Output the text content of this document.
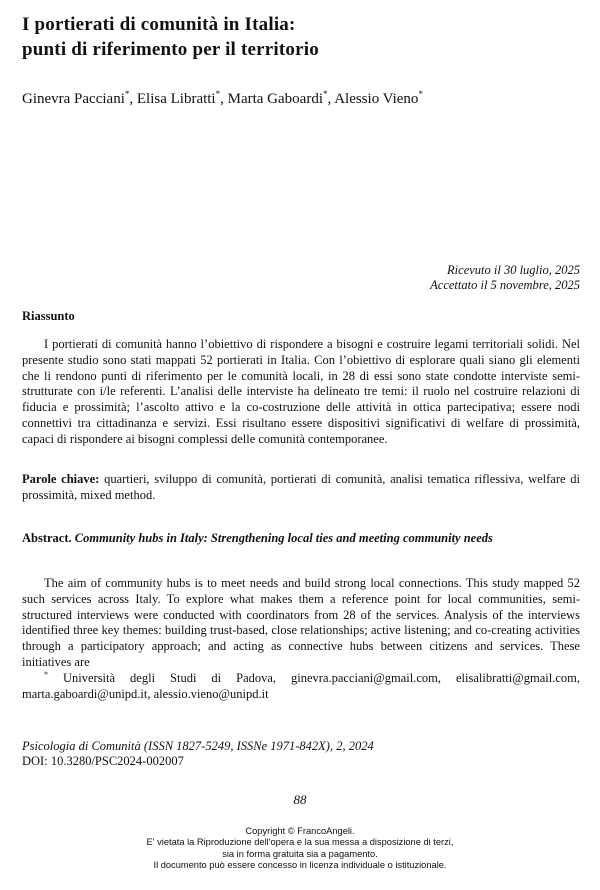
I portierati di comunità in Italia:
punti di riferimento per il territorio
Ginevra Pacciani*, Elisa Libratti*, Marta Gaboardi*, Alessio Vieno*
Ricevuto il 30 luglio, 2025
Accettato il 5 novembre, 2025
Riassunto
I portierati di comunità hanno l’obiettivo di rispondere a bisogni e costruire legami territoriali solidi. Nel presente studio sono stati mappati 52 portierati in Italia. Con l’obiettivo di esplorare quali siano gli elementi che li rendono punti di riferimento per le comunità locali, in 28 di essi sono state condotte interviste semi-strutturate con i/le referenti. L’analisi delle interviste ha delineato tre temi: il ruolo nel costruire relazioni di fiducia e prossimità; l’ascolto attivo e la co-costruzione delle attività in ottica partecipativa; essere nodi connettivi tra cittadinanza e servizi. Essi risultano essere dispositivi significativi di welfare di prossimità, capaci di rispondere ai bisogni complessi delle comunità contemporanee.
Parole chiave: quartieri, sviluppo di comunità, portierati di comunità, analisi tematica riflessiva, welfare di prossimità, mixed method.
Abstract. Community hubs in Italy: Strengthening local ties and meeting community needs
The aim of community hubs is to meet needs and build strong local connections. This study mapped 52 such services across Italy. To explore what makes them a reference point for local communities, semi-structured interviews were conducted with coordinators from 28 of the services. Analysis of the interviews identified three key themes: building trust-based, close relationships; active listening; and co-creating activities through a participatory approach; and acting as connective hubs between citizens and services. These initiatives are
* Università degli Studi di Padova, ginevra.pacciani@gmail.com, elisalibratti@gmail.com, marta.gaboardi@unipd.it, alessio.vieno@unipd.it
Psicologia di Comunità (ISSN 1827-5249, ISSNe 1971-842X), 2, 2024
DOI: 10.3280/PSC2024-002007
88
Copyright © FrancoAngeli.
E' vietata la Riproduzione dell'opera e la sua messa a disposizione di terzi,
sia in forma gratuita sia a pagamento.
Il documento può essere concesso in licenza individuale o istituzionale.
